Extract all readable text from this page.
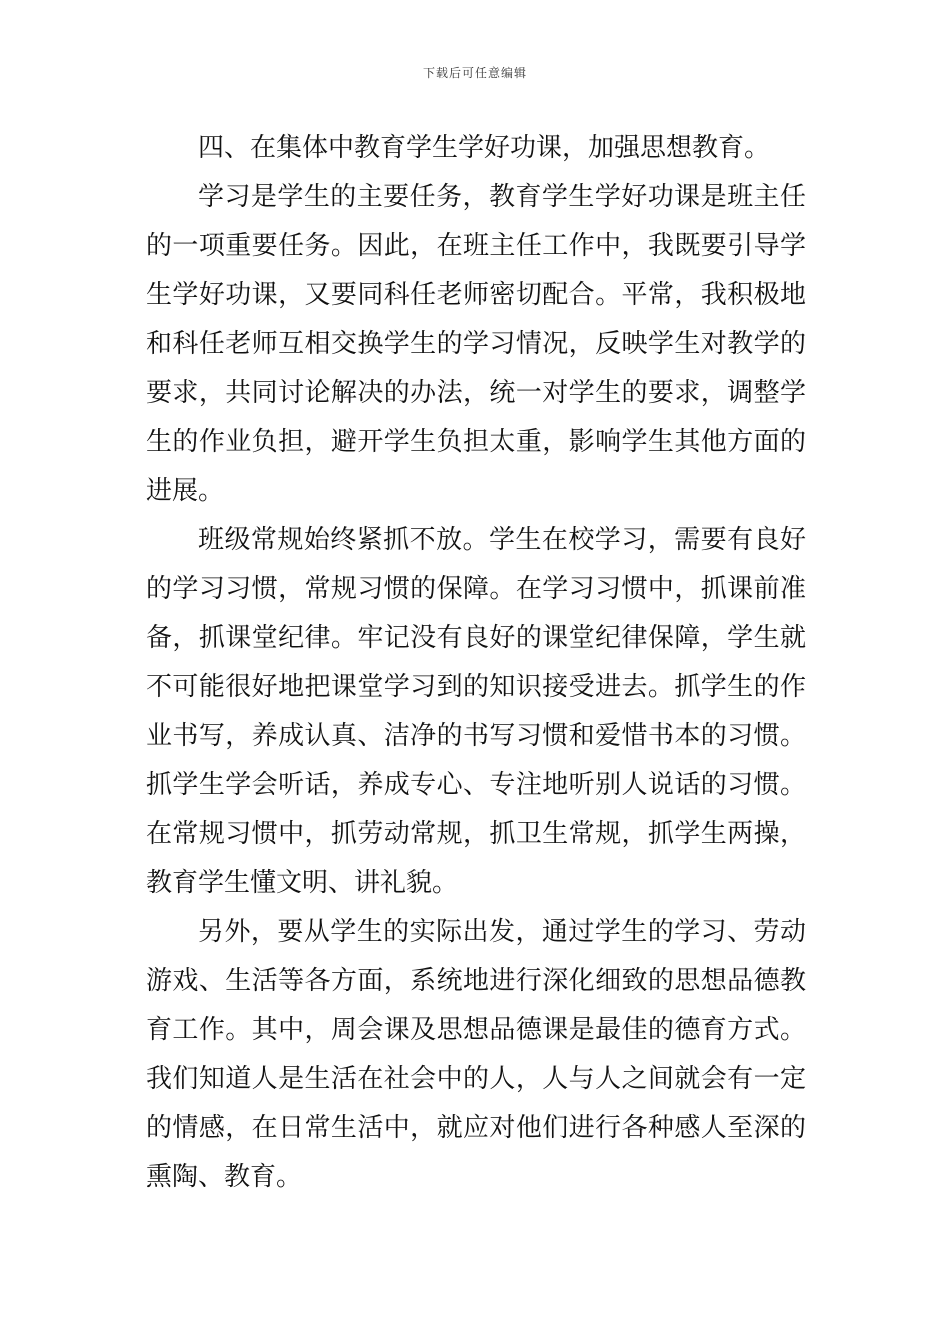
下载后可任意编辑

四、在集体中教育学生学好功课，加强思想教育。

学习是学生的主要任务，教育学生学好功课是班主任的一项重要任务。因此，在班主任工作中，我既要引导学生学好功课，又要同科任老师密切配合。平常，我积极地和科任老师互相交换学生的学习情况，反映学生对教学的要求，共同讨论解决的办法，统一对学生的要求，调整学生的作业负担，避开学生负担太重，影响学生其他方面的进展。

班级常规始终紧抓不放。学生在校学习，需要有良好的学习习惯，常规习惯的保障。在学习习惯中，抓课前准备，抓课堂纪律。牢记没有良好的课堂纪律保障，学生就不可能很好地把课堂学习到的知识接受进去。抓学生的作业书写，养成认真、洁净的书写习惯和爱惜书本的习惯。抓学生学会听话，养成专心、专注地听别人说话的习惯。在常规习惯中，抓劳动常规，抓卫生常规，抓学生两操，教育学生懂文明、讲礼貌。

另外，要从学生的实际出发，通过学生的学习、劳动游戏、生活等各方面，系统地进行深化细致的思想品德教育工作。其中，周会课及思想品德课是最佳的德育方式。我们知道人是生活在社会中的人，人与人之间就会有一定的情感，在日常生活中，就应对他们进行各种感人至深的熏陶、教育。
